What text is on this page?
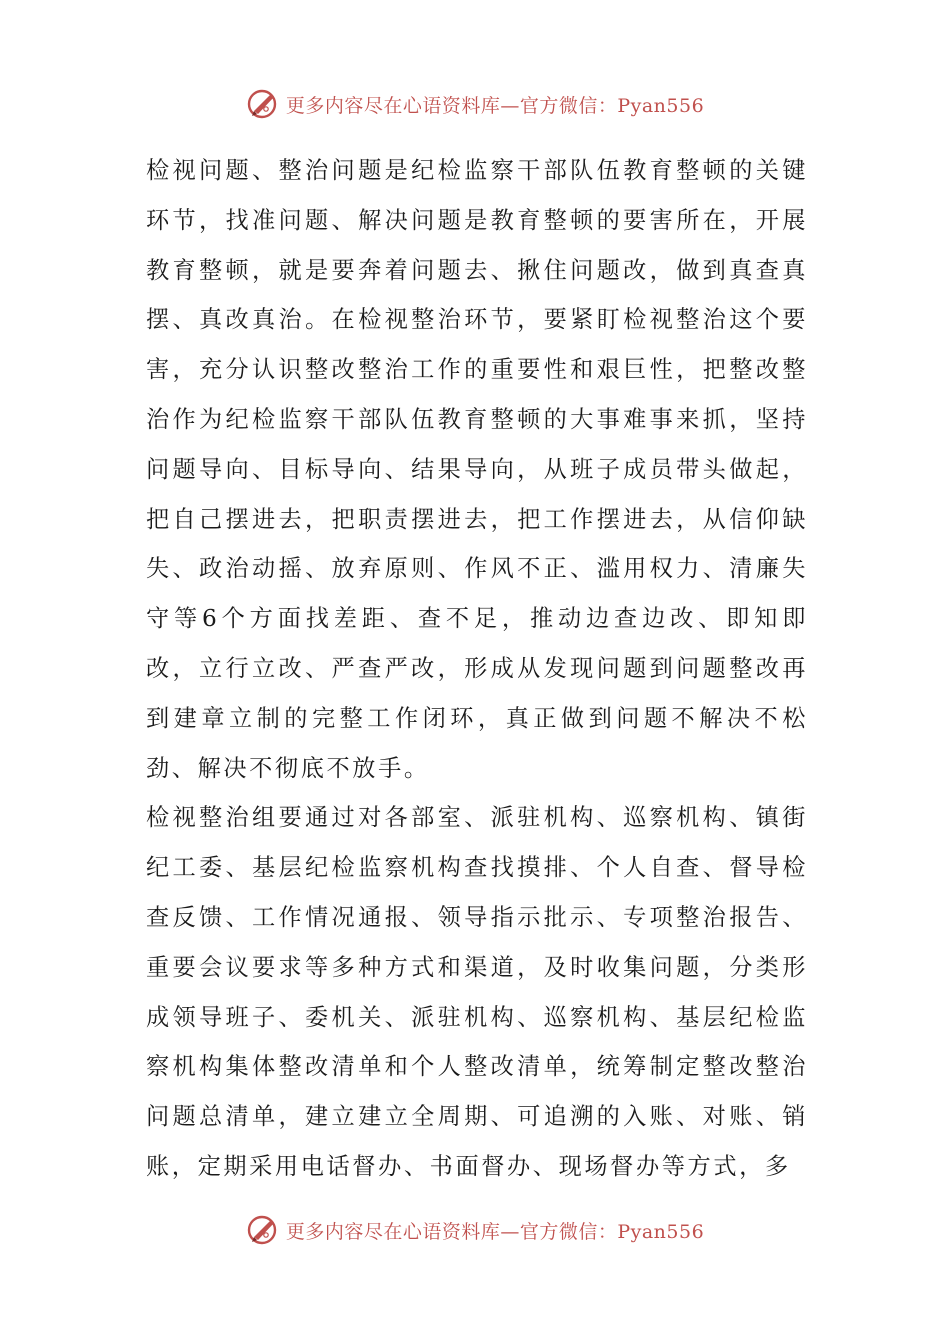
更多内容尽在心语资料库—官方微信：Pyan556

检视问题、整治问题是纪检监察干部队伍教育整顿的关键环节，找准问题、解决问题是教育整顿的要害所在，开展教育整顿，就是要奔着问题去、揪住问题改，做到真查真摆、真改真治。在检视整治环节，要紧盯检视整治这个要害，充分认识整改整治工作的重要性和艰巨性，把整改整治作为纪检监察干部队伍教育整顿的大事难事来抓，坚持问题导向、目标导向、结果导向，从班子成员带头做起，把自己摆进去，把职责摆进去，把工作摆进去，从信仰缺失、政治动摇、放弃原则、作风不正、滥用权力、清廉失守等6个方面找差距、查不足，推动边查边改、即知即改，立行立改、严查严改，形成从发现问题到问题整改再到建章立制的完整工作闭环，真正做到问题不解决不松劲、解决不彻底不放手。

检视整治组要通过对各部室、派驻机构、巡察机构、镇街纪工委、基层纪检监察机构查找摸排、个人自查、督导检查反馈、工作情况通报、领导指示批示、专项整治报告、重要会议要求等多种方式和渠道，及时收集问题，分类形成领导班子、委机关、派驻机构、巡察机构、基层纪检监察机构集体整改清单和个人整改清单，统筹制定整改整治问题总清单，建立建立全周期、可追溯的入账、对账、销账，定期采用电话督办、书面督办、现场督办等方式，多

更多内容尽在心语资料库—官方微信：Pyan556
